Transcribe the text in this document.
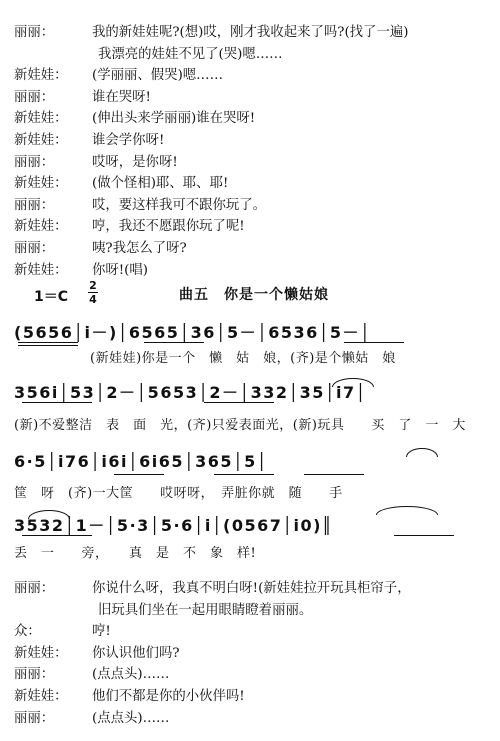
丽丽：	我的新娃娃呢?(想)哎，刚才我收起来了吗?(找了一遍)
我漂亮的娃娃不见了(哭)嗯……
新娃娃： (学丽丽、假哭)嗯……
丽丽：	谁在哭呀!
新娃娃： (伸出头来学丽丽)谁在哭呀!
新娃娃： 谁会学你呀!
丽丽：	哎呀，是你呀!
新娃娃： (做个怪相)耶、耶、耶!
丽丽：	哎，要这样我可不跟你玩了。
新娃娃： 哼，我还不愿跟你玩了呢!
丽丽：	咦?我怎么了呀?
新娃娃： 你呀!(唱)
1＝C
2
4	曲五　你是一个懒姑娘
(5656│i－)│6565│36│5－│6536│5－│
(新娃娃)你是一个　懒　姑　娘，(齐)是个懒姑　娘
356i│53│2－│5653│2－│332│35│i7│
(新)不爱整洁　表　面　光，(齐)只爱表面光，(新)玩具　　买　了　一　大
6·5│i76│i6i│6i65│365│5│
筐　呀　(齐)一大筐　　哎呀呀，　弄脏你就　随　　手
3532│1－│5·3│5·6│i│(0567│i0)║
丢　一　　旁，　　真　是　不　象　样!
丽丽：	你说什么呀，我真不明白呀!(新娃娃拉开玩具柜帘子，
旧玩具们坐在一起用眼睛瞪着丽丽。
众：	哼!
新娃娃： 你认识他们吗?
丽丽：	(点点头)……
新娃娃： 他们不都是你的小伙伴吗!
丽丽：	(点点头)……
